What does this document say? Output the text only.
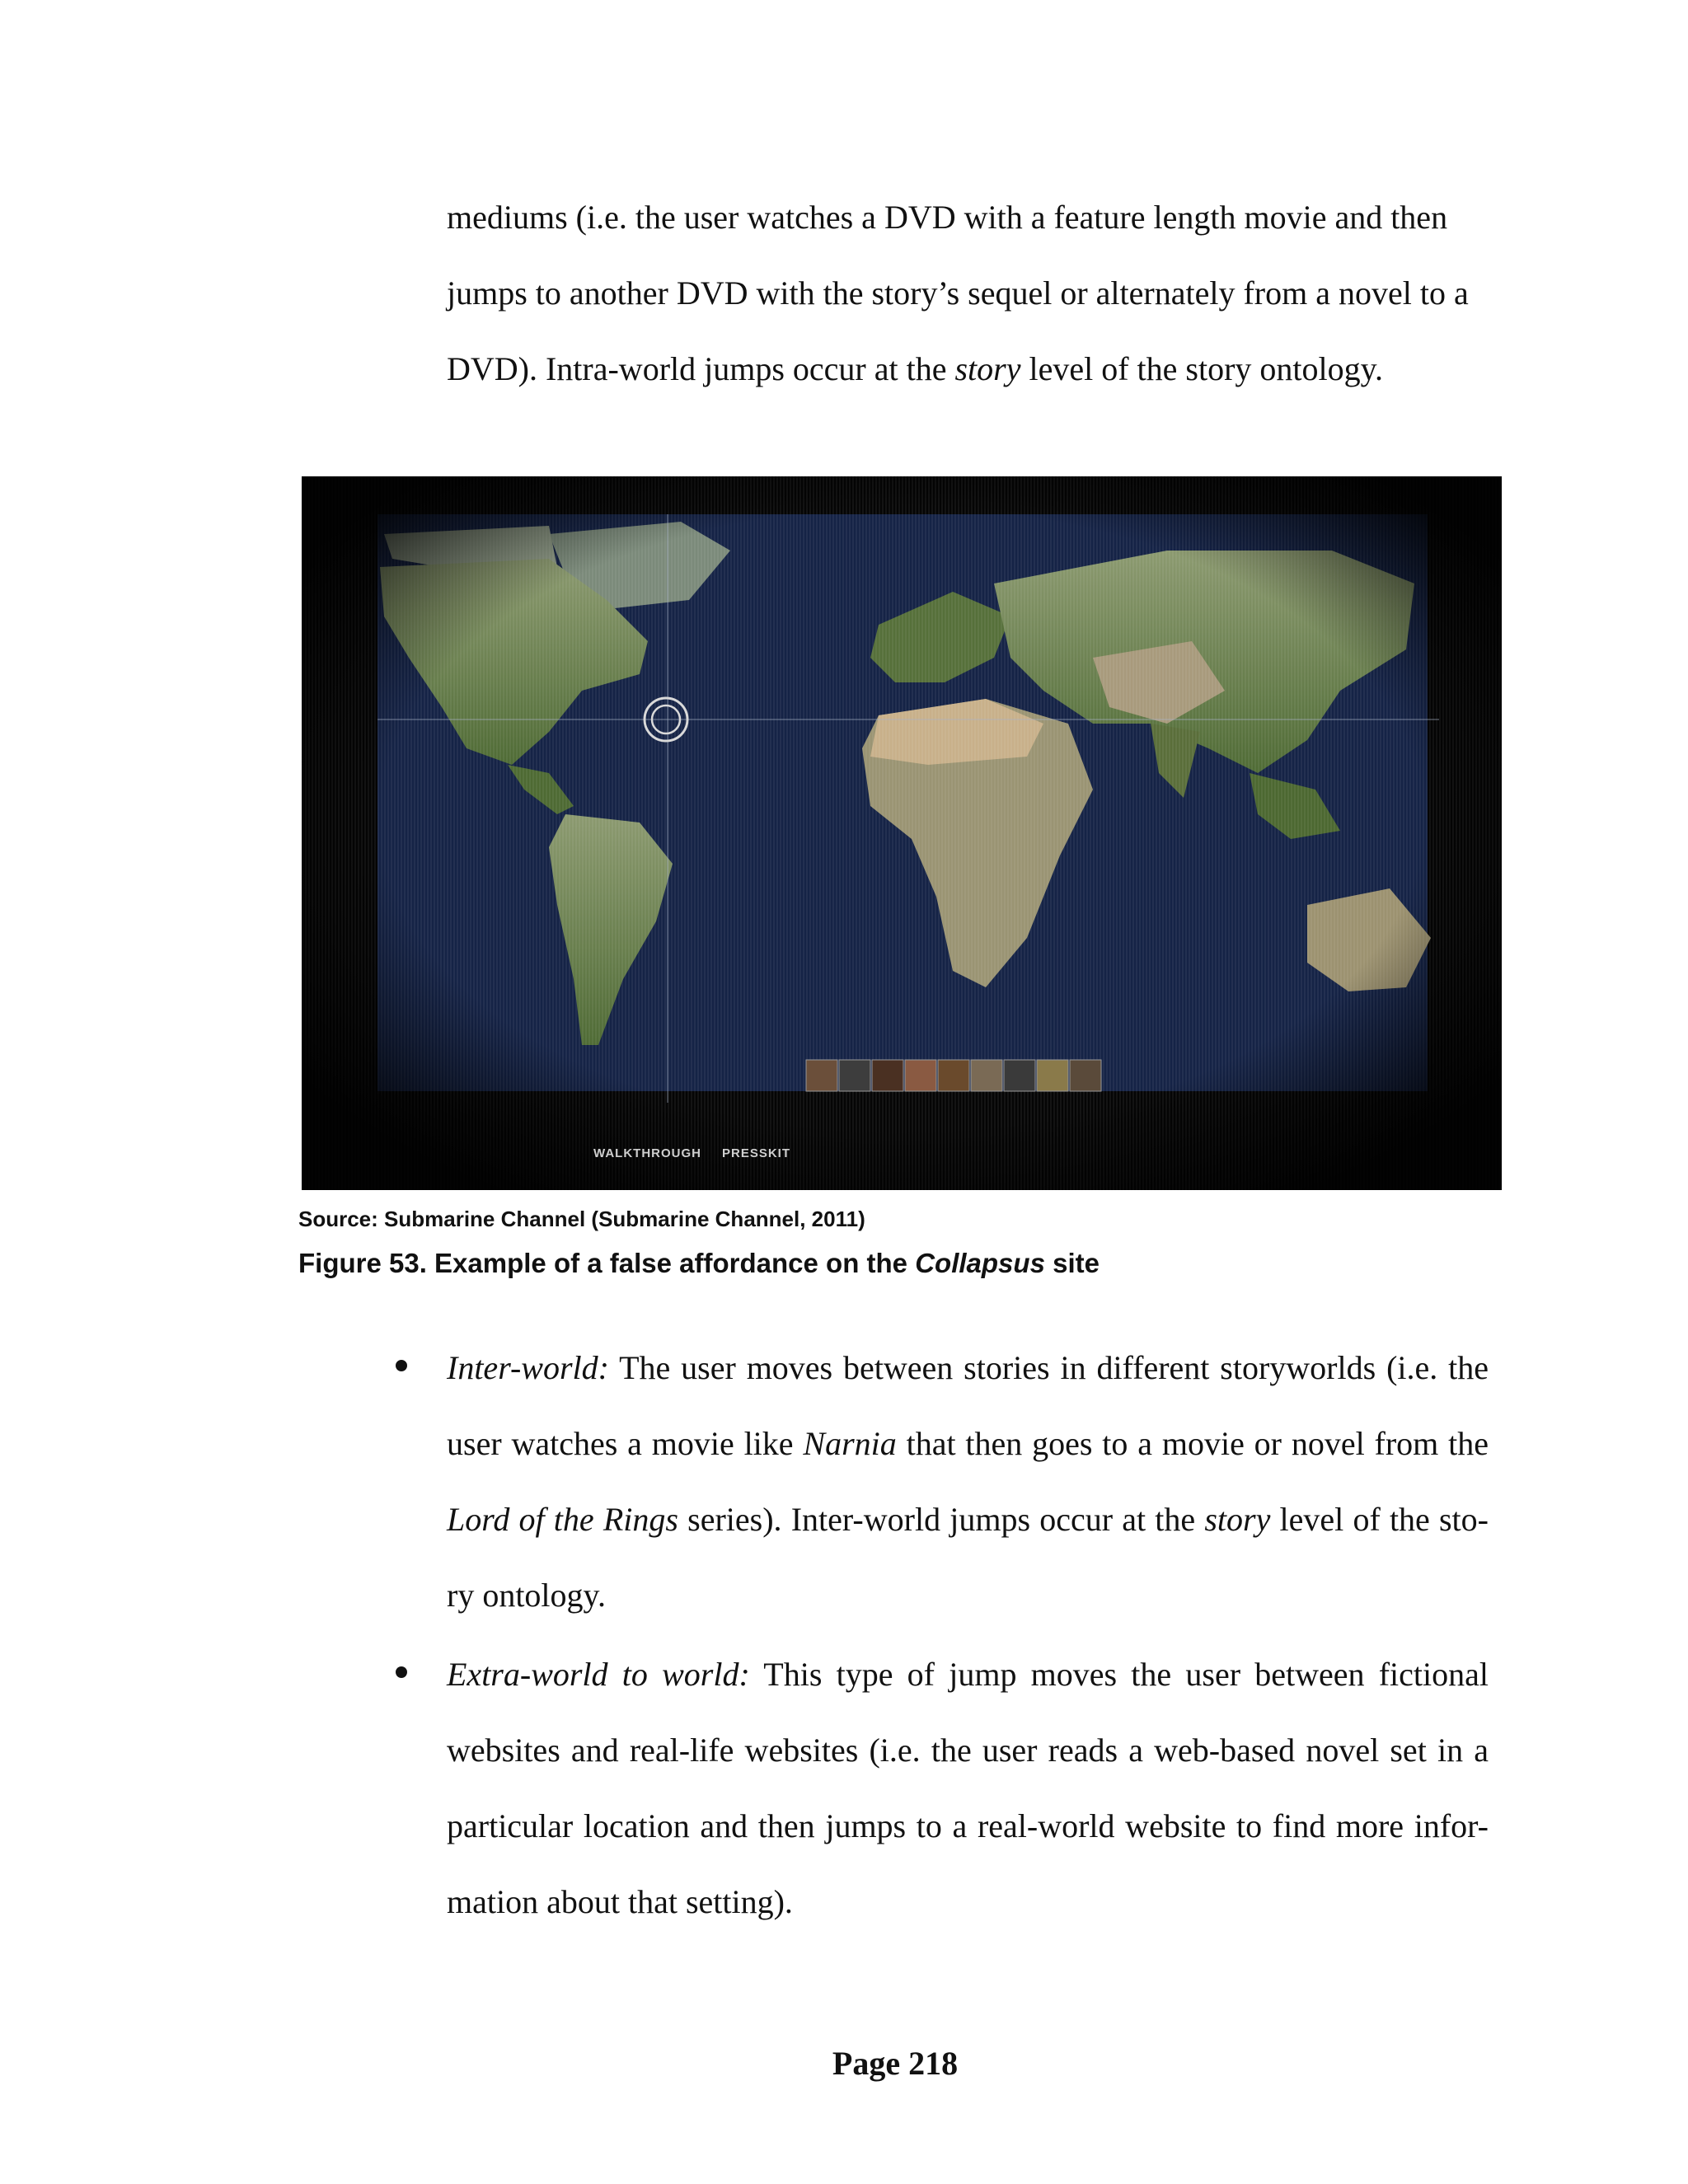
mediums (i.e. the user watches a DVD with a feature length movie and then
jumps to another DVD with the story’s sequel or alternately from a novel to a
DVD). Intra-world jumps occur at the story level of the story ontology.

WALKTHROUGH PRESSKIT
Source: Submarine Channel (Submarine Channel, 2011)
Figure 53. Example of a false affordance on the Collapsus site

Inter-world: The user moves between stories in different storyworlds (i.e. the user watches a movie like Narnia that then goes to a movie or novel from the Lord of the Rings series). Inter-world jumps occur at the story level of the sto-ry ontology.

Extra-world to world: This type of jump moves the user between fictional websites and real-life websites (i.e. the user reads a web-based novel set in a particular location and then jumps to a real-world website to find more infor-mation about that setting).

Page 218
